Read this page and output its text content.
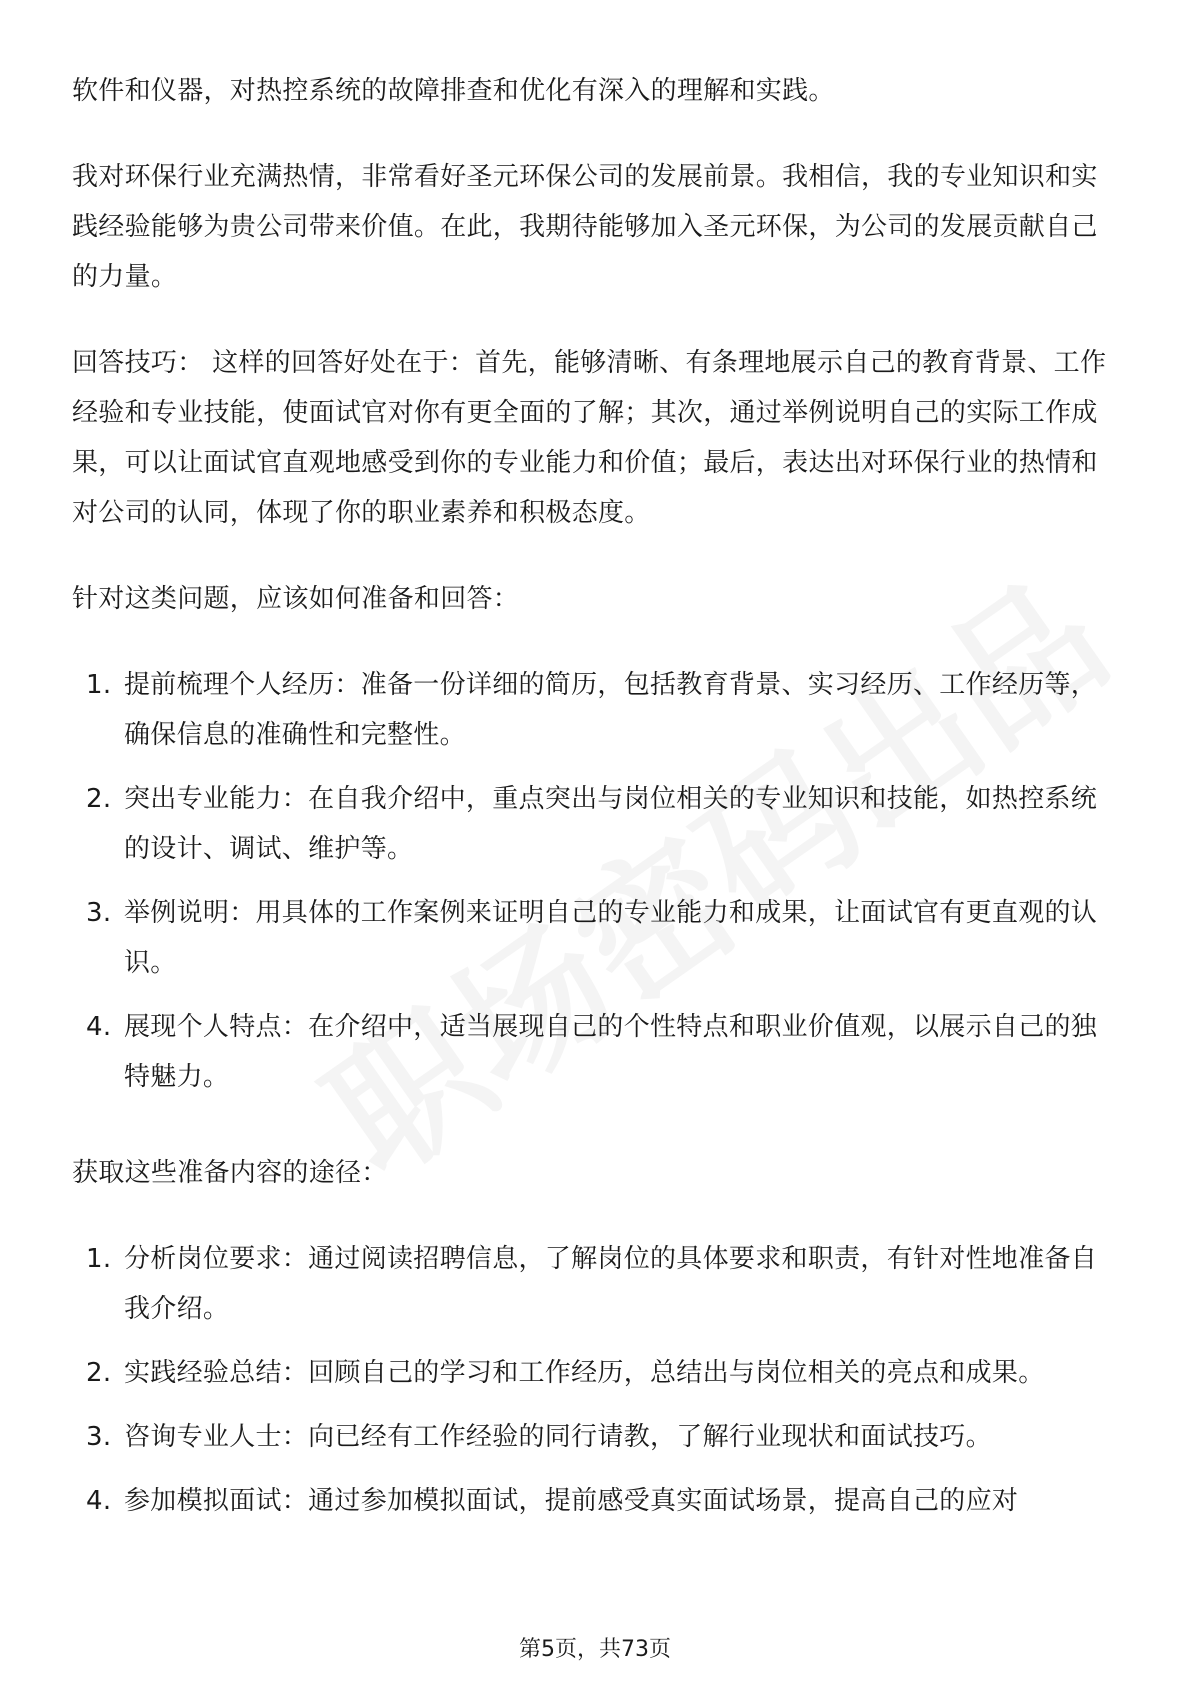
软件和仪器，对热控系统的故障排查和优化有深入的理解和实践。

我对环保行业充满热情，非常看好圣元环保公司的发展前景。我相信，我的专业知识和实践经验能够为贵公司带来价值。在此，我期待能够加入圣元环保，为公司的发展贡献自己的力量。

回答技巧： 这样的回答好处在于：首先，能够清晰、有条理地展示自己的教育背景、工作经验和专业技能，使面试官对你有更全面的了解；其次，通过举例说明自己的实际工作成果，可以让面试官直观地感受到你的专业能力和价值；最后，表达出对环保行业的热情和对公司的认同，体现了你的职业素养和积极态度。

针对这类问题，应该如何准备和回答：

1. 提前梳理个人经历：准备一份详细的简历，包括教育背景、实习经历、工作经历等，确保信息的准确性和完整性。
2. 突出专业能力：在自我介绍中，重点突出与岗位相关的专业知识和技能，如热控系统的设计、调试、维护等。
3. 举例说明：用具体的工作案例来证明自己的专业能力和成果，让面试官有更直观的认识。
4. 展现个人特点：在介绍中，适当展现自己的个性特点和职业价值观，以展示自己的独特魅力。

获取这些准备内容的途径：

1. 分析岗位要求：通过阅读招聘信息，了解岗位的具体要求和职责，有针对性地准备自我介绍。
2. 实践经验总结：回顾自己的学习和工作经历，总结出与岗位相关的亮点和成果。
3. 咨询专业人士：向已经有工作经验的同行请教，了解行业现状和面试技巧。
4. 参加模拟面试：通过参加模拟面试，提前感受真实面试场景，提高自己的应对
第5页，共73页
